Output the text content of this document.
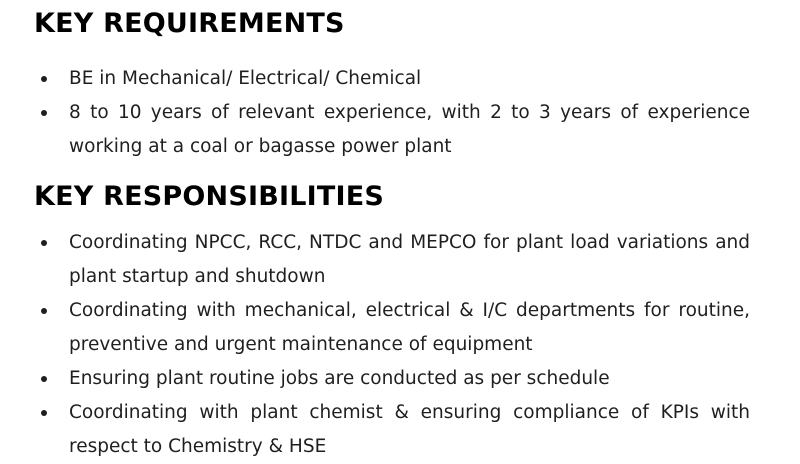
KEY REQUIREMENTS
BE in Mechanical/ Electrical/ Chemical
8 to 10 years of relevant experience, with 2 to 3 years of experience working at a coal or bagasse power plant
KEY RESPONSIBILITIES
Coordinating NPCC, RCC, NTDC and MEPCO for plant load variations and plant startup and shutdown
Coordinating with mechanical, electrical & I/C departments for routine, preventive and urgent maintenance of equipment
Ensuring plant routine jobs are conducted as per schedule
Coordinating with plant chemist & ensuring compliance of KPIs with respect to Chemistry & HSE
